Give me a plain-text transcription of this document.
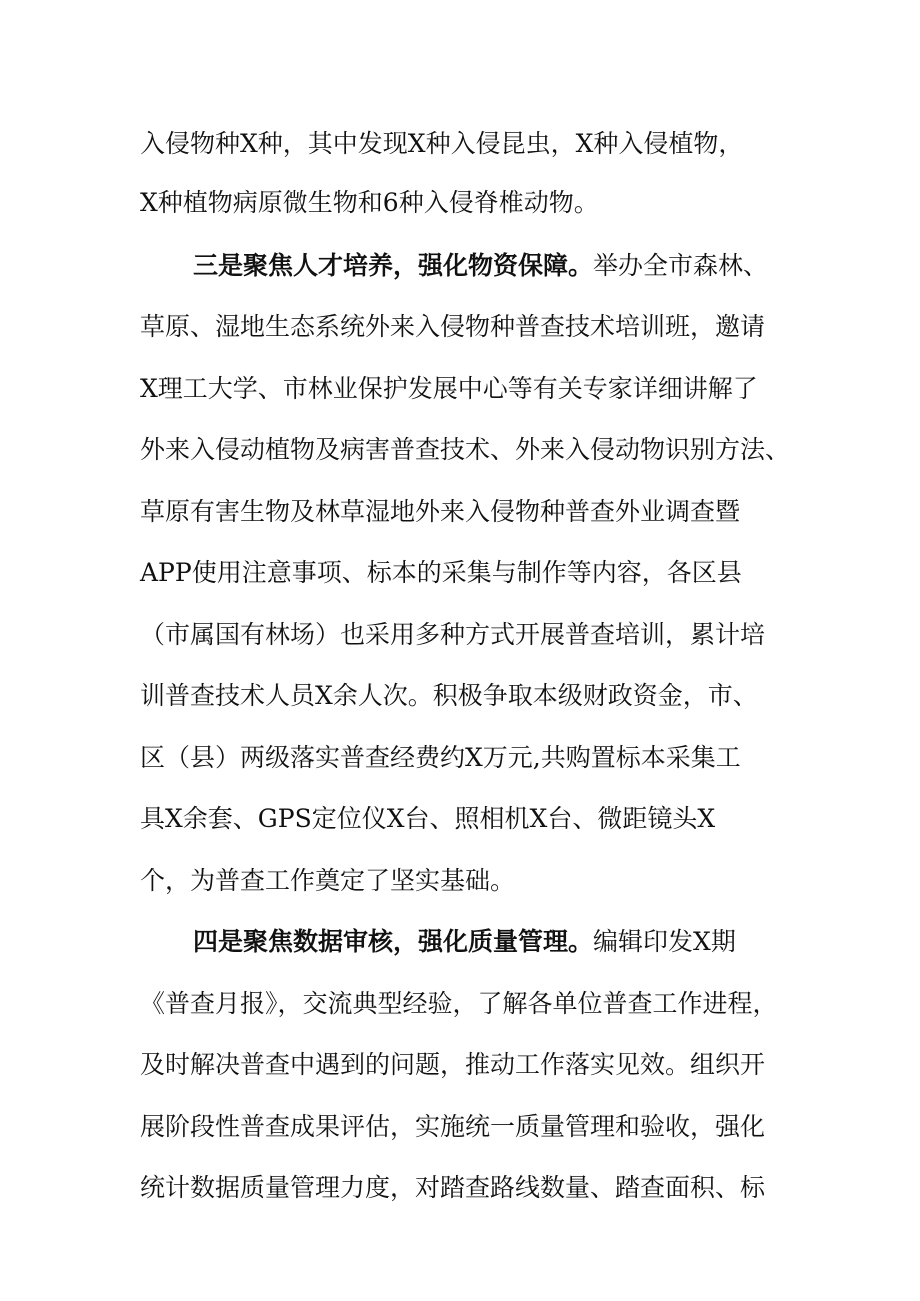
入侵物种X种，其中发现X种入侵昆虫，X种入侵植物，
X种植物病原微生物和6种入侵脊椎动物。
三是聚焦人才培养，强化物资保障。举办全市森林、
草原、湿地生态系统外来入侵物种普查技术培训班，邀请
X理工大学、市林业保护发展中心等有关专家详细讲解了
外来入侵动植物及病害普查技术、外来入侵动物识别方法、
草原有害生物及林草湿地外来入侵物种普查外业调查暨
APP使用注意事项、标本的采集与制作等内容，各区县
（市属国有林场）也采用多种方式开展普查培训，累计培
训普查技术人员X余人次。积极争取本级财政资金，市、
区（县）两级落实普查经费约X万元,共购置标本采集工
具X余套、GPS定位仪X台、照相机X台、微距镜头X
个，为普查工作奠定了坚实基础。
四是聚焦数据审核，强化质量管理。编辑印发X期
《普查月报》，交流典型经验，了解各单位普查工作进程，
及时解决普查中遇到的问题，推动工作落实见效。组织开
展阶段性普查成果评估，实施统一质量管理和验收，强化
统计数据质量管理力度，对踏查路线数量、踏查面积、标
